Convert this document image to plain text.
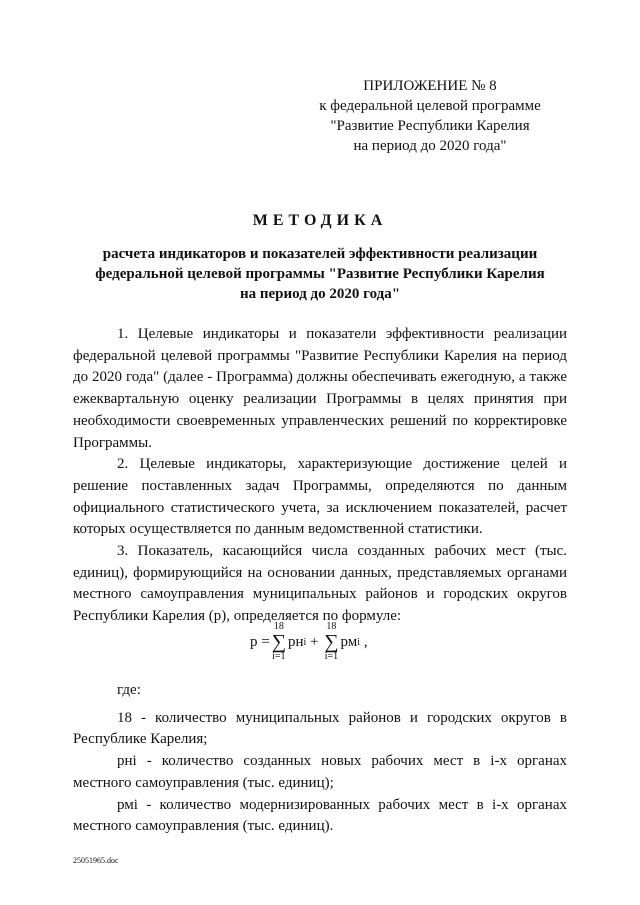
ПРИЛОЖЕНИЕ № 8
к федеральной целевой программе
"Развитие Республики Карелия
на период до 2020 года"
МЕТОДИКА
расчета индикаторов и показателей эффективности реализации
федеральной целевой программы "Развитие Республики Карелия
на период до 2020 года"

1. Целевые индикаторы и показатели эффективности реализации федеральной целевой программы "Развитие Республики Карелия на период до 2020 года" (далее - Программа) должны обеспечивать ежегодную, а также ежеквартальную оценку реализации Программы в целях принятия при необходимости своевременных управленческих решений по корректировке Программы.

2. Целевые индикаторы, характеризующие достижение целей и решение поставленных задач Программы, определяются по данным официального статистического учета, за исключением показателей, расчет которых осуществляется по данным ведомственной статистики.

3. Показатель, касающийся числа созданных рабочих мест (тыс. единиц), формирующийся на основании данных, представляемых органами местного самоуправления муниципальных районов и городских округов Республики Карелия (р), определяется по формуле:

р =
18
∑
i=1
рн i
+

18
∑
i=1
рм i
,

где:

18 - количество муниципальных районов и городских округов в Республике Карелия;

рнi - количество созданных новых рабочих мест в i-х органах местного самоуправления (тыс. единиц);

рмi - количество модернизированных рабочих мест в i-х органах местного самоуправления (тыс. единиц).

25051965.doc
